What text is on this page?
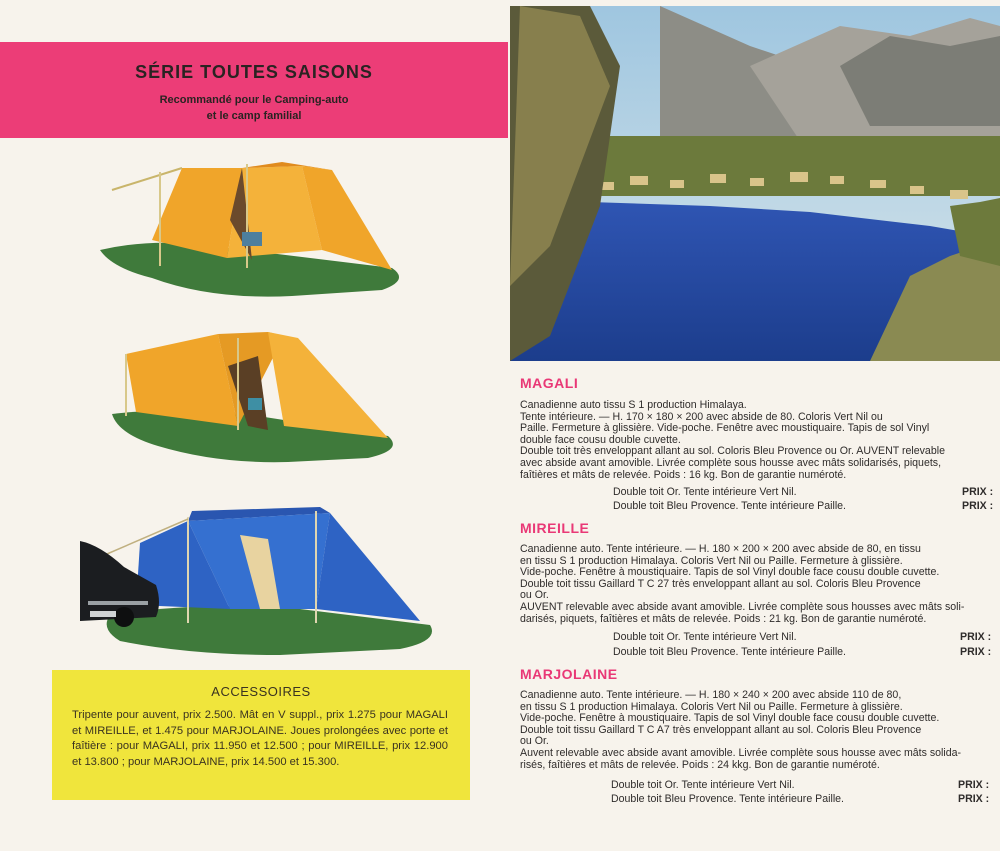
SÉRIE TOUTES SAISONS
Recommandé pour le Camping-auto
et le camp familial
MAGALI
Canadienne auto tissu S 1 production Himalaya.
Tente intérieure. — H. 170 × 180 × 200 avec abside de 80. Coloris Vert Nil ou
Paille. Fermeture à glissière. Vide-poche. Fenêtre avec moustiquaire. Tapis de sol Vinyl
double face cousu double cuvette.
Double toit très enveloppant allant au sol. Coloris Bleu Provence ou Or. AUVENT relevable
avec abside avant amovible. Livrée complète sous housse avec mâts solidarisés, piquets,
faîtières et mâts de relevée. Poids : 16 kg. Bon de garantie numéroté.
Double toit Or. Tente intérieure Vert Nil.	PRIX :
Double toit Bleu Provence. Tente intérieure Paille.	PRIX :
MIREILLE
Canadienne auto. Tente intérieure. — H. 180 × 200 × 200 avec abside de 80, en tissu
en tissu S 1 production Himalaya. Coloris Vert Nil ou Paille. Fermeture à glissière.
Vide-poche. Fenêtre à moustiquaire. Tapis de sol Vinyl double face cousu double cuvette.
Double toit tissu Gaillard T C 27 très enveloppant allant au sol. Coloris Bleu Provence
ou Or.
AUVENT relevable avec abside avant amovible. Livrée complète sous housses avec mâts soli-
darisés, piquets, faîtières et mâts de relevée. Poids : 21 kg. Bon de garantie numéroté.
Double toit Or. Tente intérieure Vert Nil.	PRIX :
Double toit Bleu Provence. Tente intérieure Paille.	PRIX :
MARJOLAINE
Canadienne auto. Tente intérieure. — H. 180 × 240 × 200 avec abside 110 de 80,
en tissu S 1 production Himalaya. Coloris Vert Nil ou Paille. Fermeture à glissière.
Vide-poche. Fenêtre à moustiquaire. Tapis de sol Vinyl double face cousu double cuvette.
Double toit tissu Gaillard T C A7 très enveloppant allant au sol. Coloris Bleu Provence
ou Or.
Auvent relevable avec abside avant amovible. Livrée complète sous housse avec mâts solida-
risés, faîtières et mâts de relevée. Poids : 24 kkg. Bon de garantie numéroté.
Double toit Or. Tente intérieure Vert Nil.	PRIX :
Double toit Bleu Provence. Tente intérieure Paille.	PRIX :
ACCESSOIRES
Tripente pour auvent, prix 2.500. Mât en V suppl., prix 1.275 pour MAGALI et MIREILLE, et 1.475 pour MARJOLAINE. Joues prolongées avec porte et faîtière : pour MAGALI, prix 11.950 et 12.500 ; pour MIREILLE, prix 12.900 et 13.800 ; pour MARJOLAINE, prix 14.500 et 15.300.
